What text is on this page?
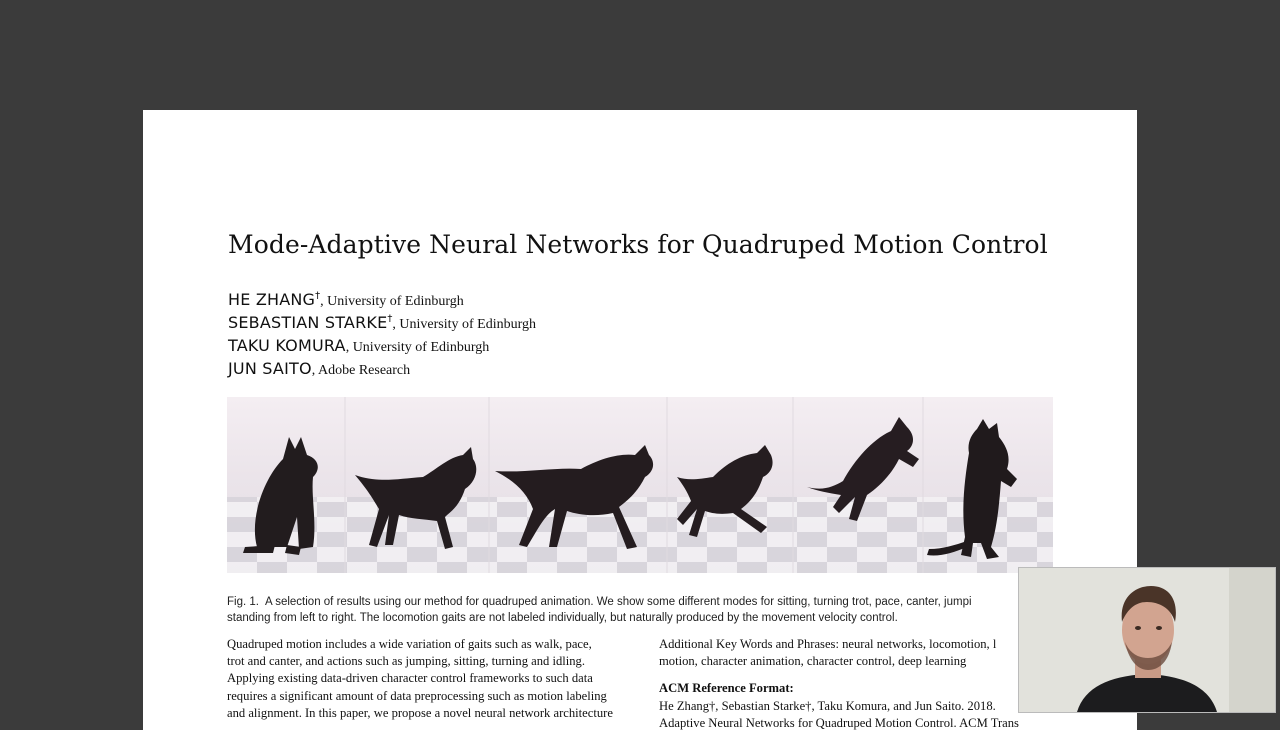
Mode-Adaptive Neural Networks for Quadruped Motion Control
HE ZHANG†, University of Edinburgh
SEBASTIAN STARKE†, University of Edinburgh
TAKU KOMURA, University of Edinburgh
JUN SAITO, Adobe Research
Fig. 1. A selection of results using our method for quadruped animation. We show some different modes for sitting, turning trot, pace, canter, jumpi
standing from left to right. The locomotion gaits are not labeled individually, but naturally produced by the movement velocity control.
Quadruped motion includes a wide variation of gaits such as walk, pace,
trot and canter, and actions such as jumping, sitting, turning and idling.
Applying existing data-driven character control frameworks to such data
requires a significant amount of data preprocessing such as motion labeling
and alignment. In this paper, we propose a novel neural network architecture
Additional Key Words and Phrases: neural networks, locomotion, l
motion, character animation, character control, deep learning
ACM Reference Format:
He Zhang†, Sebastian Starke†, Taku Komura, and Jun Saito. 2018.
Adaptive Neural Networks for Quadruped Motion Control. ACM Trans
